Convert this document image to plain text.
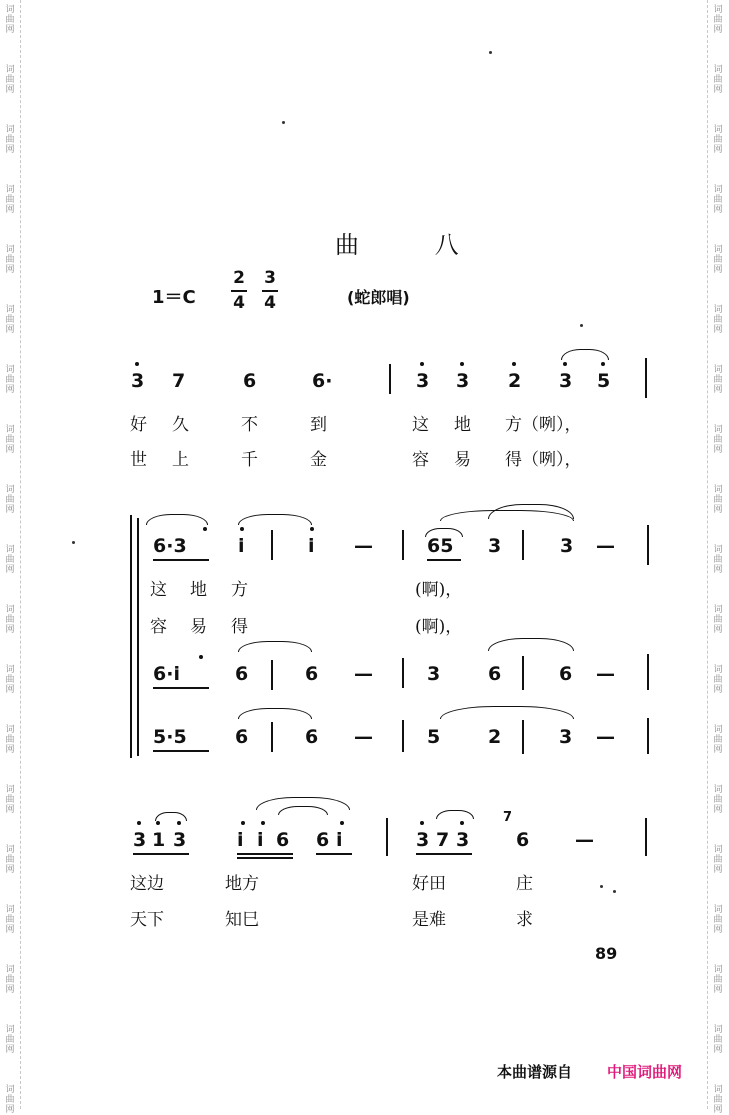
词
曲
网
词
曲
网
词
曲
网
词
曲
网
词
曲
网
词
曲
网
词
曲
网
词
曲
网
词
曲
网
词
曲
网
词
曲
网
词
曲
网
词
曲
网
词
曲
网
词
曲
网
词
曲
网
词
曲
网
词
曲
网
词
曲
网
词
曲
网
词
曲
网
词
曲
网
词
曲
网
词
曲
网
词
曲
网
词
曲
网
词
曲
网
词
曲
网
词
曲
网
词
曲
网
词
曲
网
词
曲
网
词
曲
网
词
曲
网
词
曲
网
词
曲
网
词
曲
网
词
曲
网
曲 八
1＝C
2
4
3
4	(蛇郎唱)
3 7	6	6·	3 3 2 3 5
好 久	不	到	这 地 方（咧），
世 上	千	金	容 易 得（咧），
6·3	i	i —	65 3	3 —
这 地 方	(啊)，
容 易 得	(啊)，
6·i	6	6 —	3	6	6 —
5·5	6	6 —	5	2	3 —
3 1 3	i i 6 6 i	3 7 3
7
6 —
这边	地方	好田	庄
天下	知巳	是难	求
89
本曲谱源自 中国词曲网
